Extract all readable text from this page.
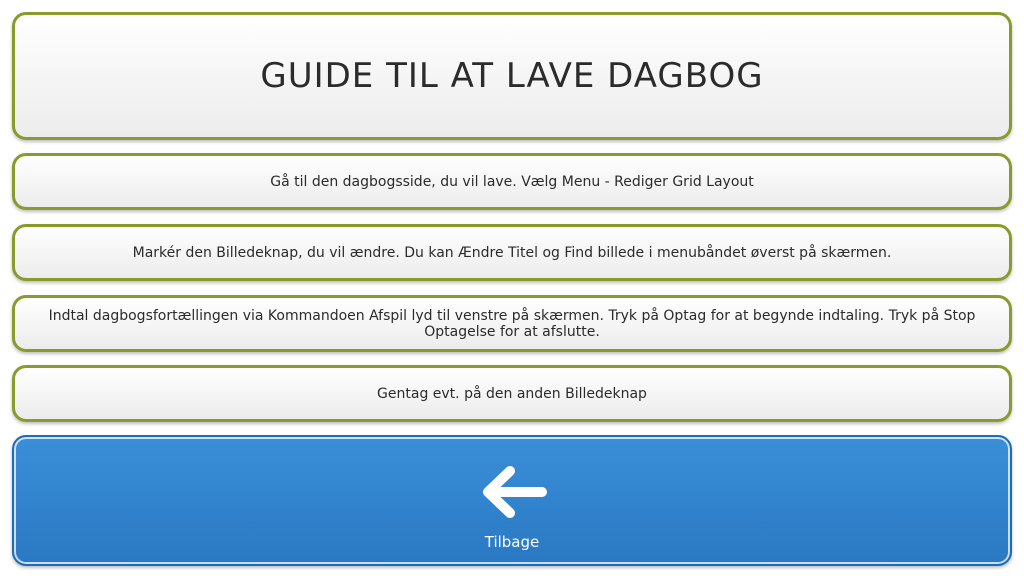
GUIDE TIL AT LAVE DAGBOG
Gå til den dagbogsside, du vil lave. Vælg Menu - Rediger Grid Layout
Markér den Billedeknap, du vil ændre. Du kan Ændre Titel og Find billede i menubåndet øverst på skærmen.
Indtal dagbogsfortællingen via Kommandoen Afspil lyd til venstre på skærmen. Tryk på Optag for at begynde indtaling. Tryk på Stop Optagelse for at afslutte.
Gentag evt. på den anden Billedeknap
Tilbage
